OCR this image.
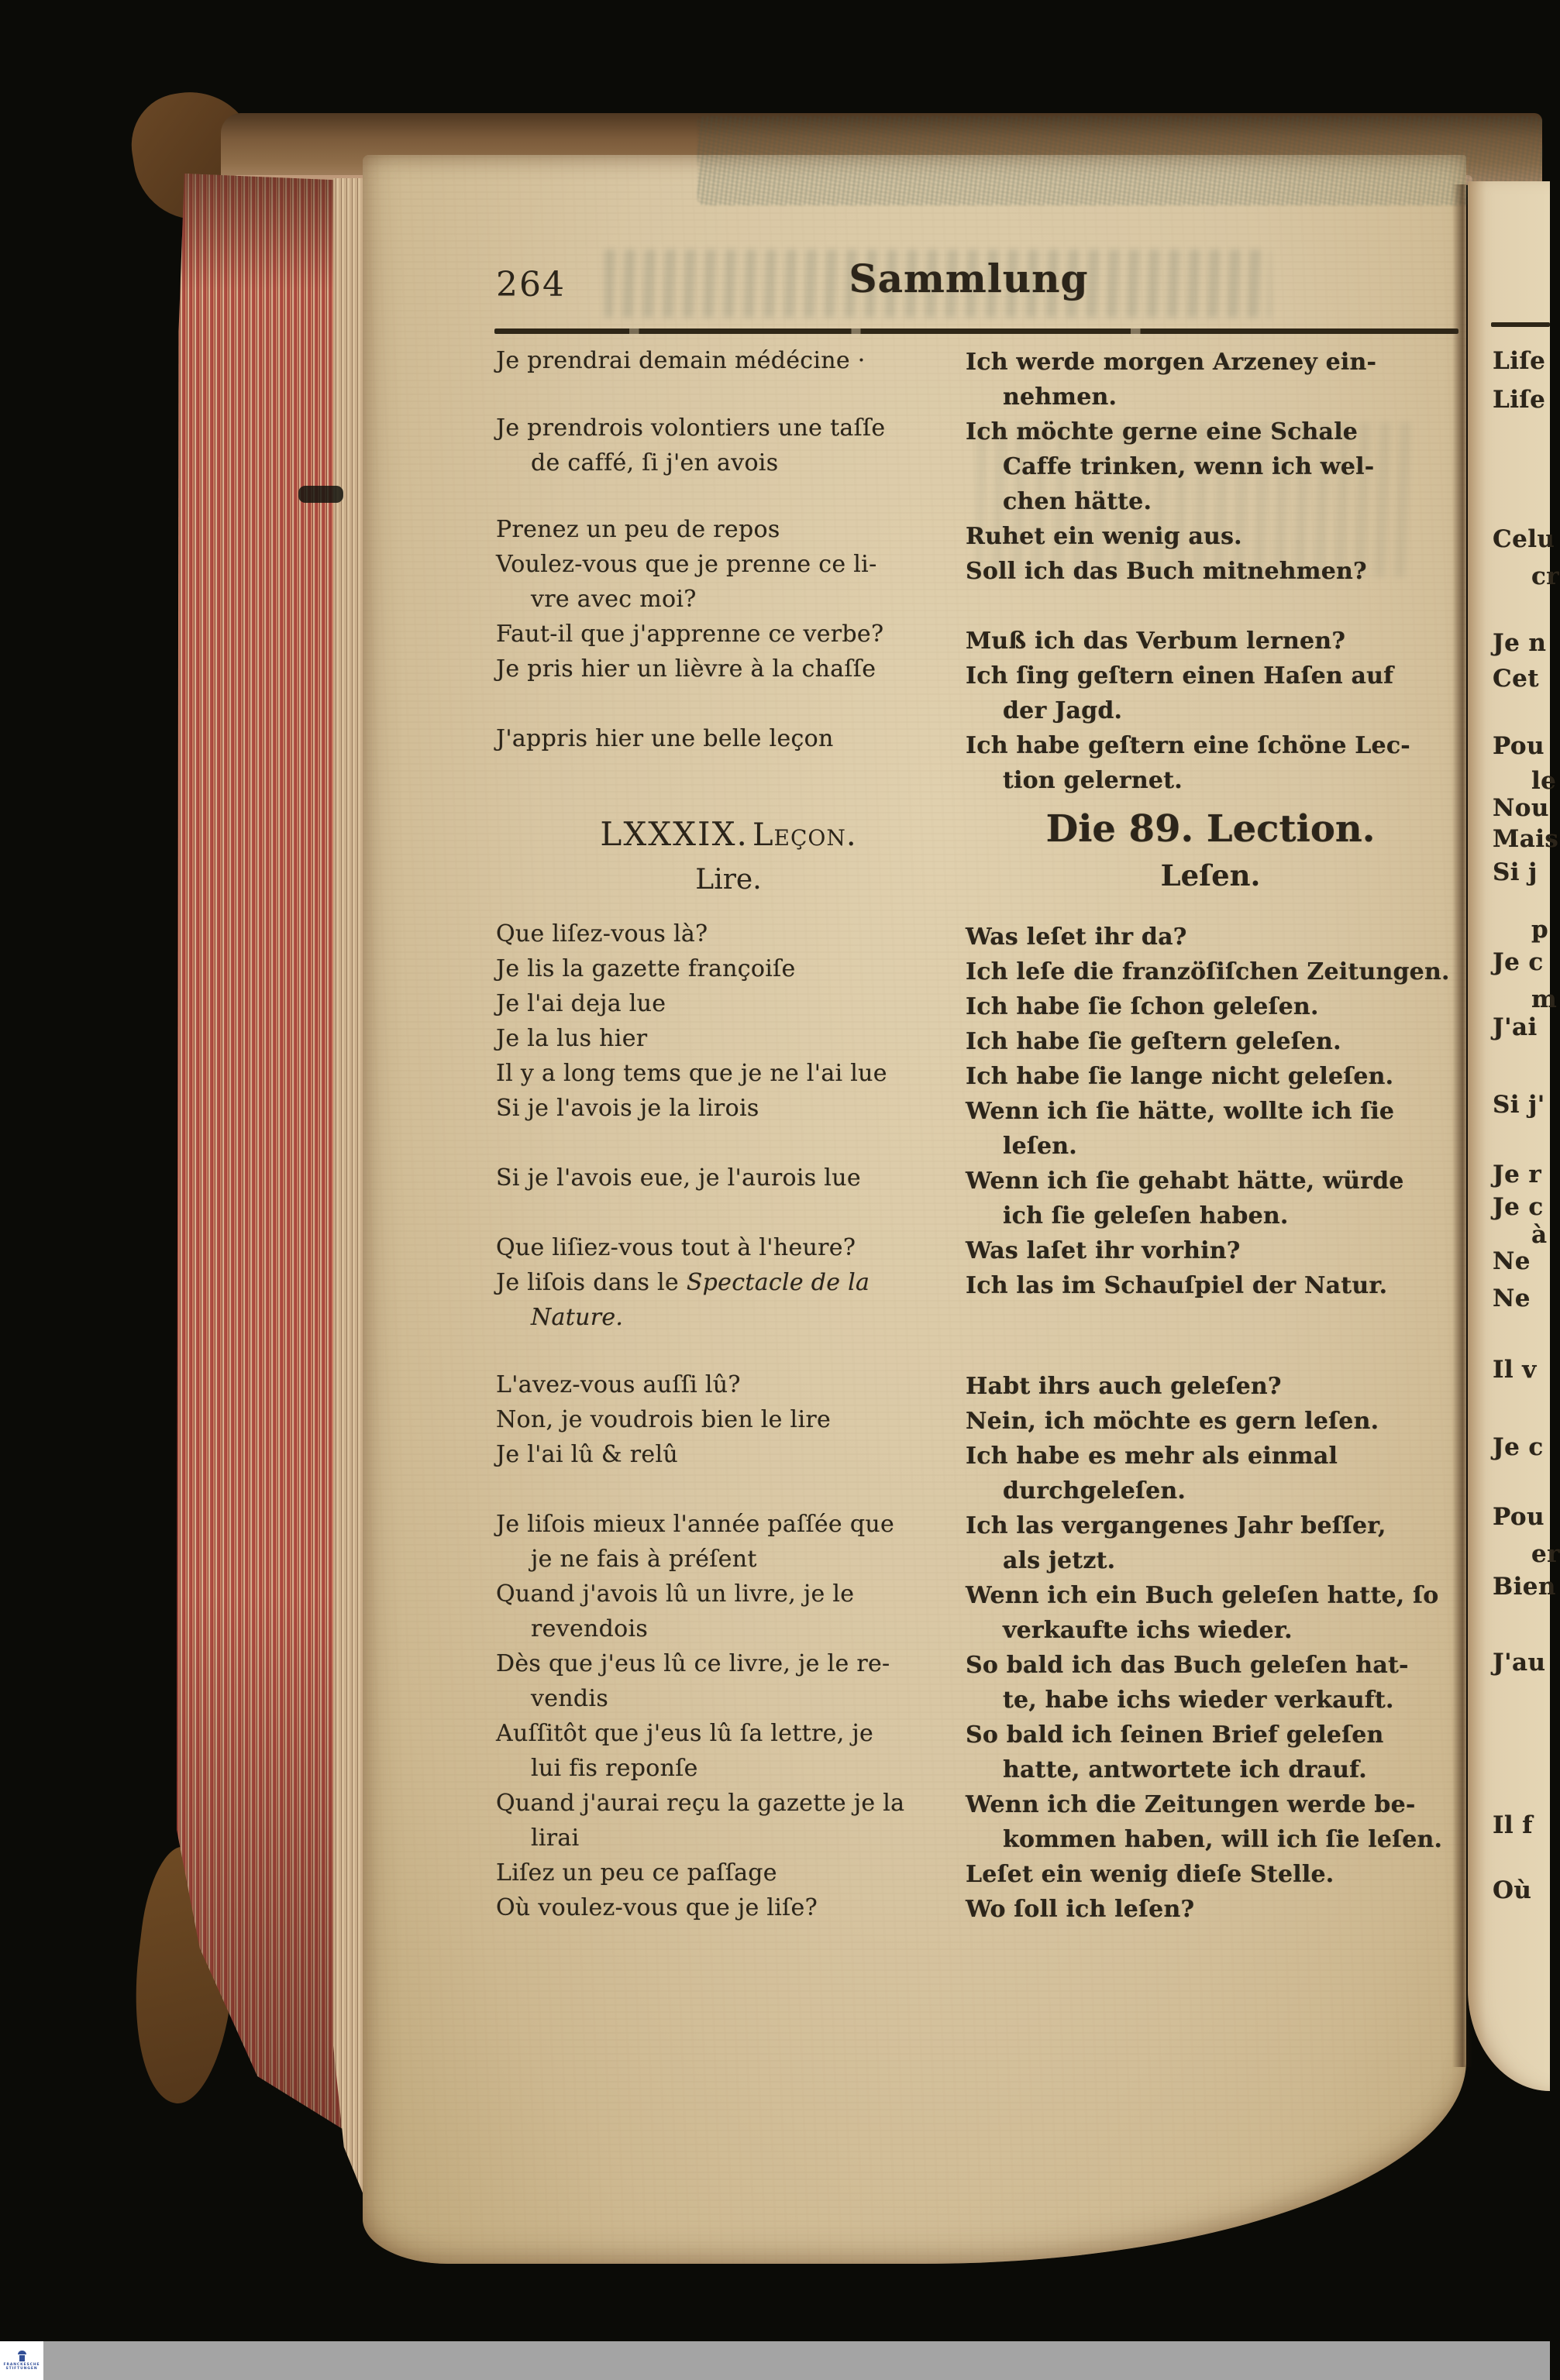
264	Sammlung
LXXXIX. Leçon.
Lire.
Die 89. Lection.
Leſen.
Je prendrai demain médécine ·
Je prendrois volontiers une taſſe
de caffé, ſi j'en avois
Prenez un peu de repos
Voulez-vous que je prenne ce li-
vre avec moi?
Faut-il que j'apprenne ce verbe?
Je pris hier un lièvre à la chaſſe
J'appris hier une belle leçon
Que liſez-vous là?
Je lis la gazette françoiſe
Je l'ai deja lue
Je la lus hier
Il y a long tems que je ne l'ai lue
Si je l'avois je la lirois
Si je l'avois eue, je l'aurois lue
Que liſiez-vous tout à l'heure?
Je liſois dans le Spectacle de la
Nature.
L'avez-vous auſſi lû?
Non, je voudrois bien le lire
Je l'ai lû & relû
Je liſois mieux l'année paſſée que
je ne fais à préſent
Quand j'avois lû un livre, je le
revendois
Dès que j'eus lû ce livre, je le re-
vendis
Auſſitôt que j'eus lû ſa lettre, je
lui fis reponſe
Quand j'aurai reçu la gazette je la
lirai
Liſez un peu ce paſſage
Où voulez-vous que je liſe?
Ich werde morgen Arzeney ein-
nehmen.
Ich möchte gerne eine Schale
Caffe trinken, wenn ich wel-
chen hätte.
Ruhet ein wenig aus.
Soll ich das Buch mitnehmen?
Muß ich das Verbum lernen?
Ich ſing geſtern einen Haſen auf
der Jagd.
Ich habe geſtern eine ſchöne Lec-
tion gelernet.
Was leſet ihr da?
Ich leſe die franzöſiſchen Zeitungen.
Ich habe ſie ſchon geleſen.
Ich habe ſie geſtern geleſen.
Ich habe ſie lange nicht geleſen.
Wenn ich ſie hätte, wollte ich ſie
leſen.
Wenn ich ſie gehabt hätte, würde
ich ſie geleſen haben.
Was laſet ihr vorhin?
Ich las im Schauſpiel der Natur.
Habt ihrs auch geleſen?
Nein, ich möchte es gern leſen.
Ich habe es mehr als einmal
durchgeleſen.
Ich las vergangenes Jahr beſſer,
als jetzt.
Wenn ich ein Buch geleſen hatte, ſo
verkaufte ichs wieder.
So bald ich das Buch geleſen hat-
te, habe ichs wieder verkauft.
So bald ich ſeinen Brief geleſen
hatte, antwortete ich drauf.
Wenn ich die Zeitungen werde be-
kommen haben, will ich ſie leſen.
Leſet ein wenig dieſe Stelle.
Wo ſoll ich leſen?
Liſe
Liſe
Celu
cr
Je n
Cet
Pou
le
Nou
Mais
Si j
p
Je c
m
J'ai
Si j'
Je r
Je c
à
Ne
Ne
Il v
Je c
Pou
er
Bien
J'au
Il f
Où
FRANCKESCHE
STIFTUNGEN
